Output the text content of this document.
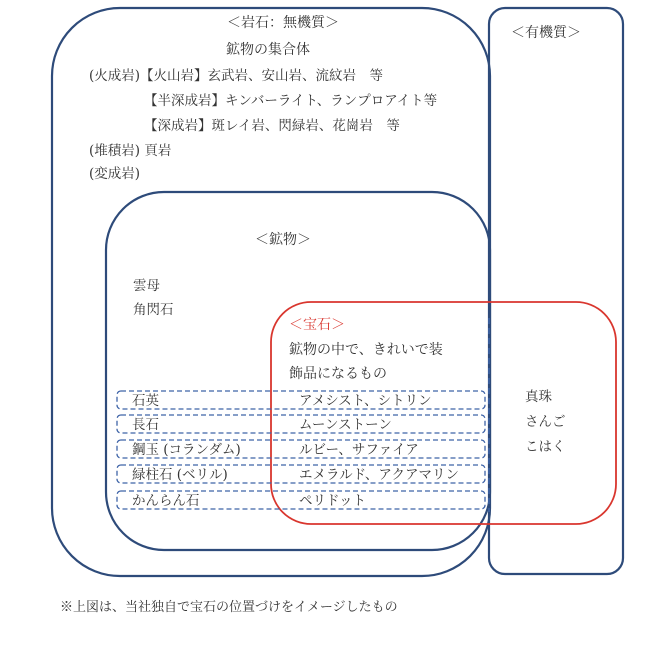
＜岩石：無機質＞
鉱物の集合体
(火成岩)【火山岩】玄武岩、安山岩、流紋岩　等
【半深成岩】キンバーライト、ランプロアイト等
【深成岩】斑レイ岩、閃緑岩、花崗岩　等
(堆積岩) 頁岩
(変成岩)
＜有機質＞
真珠
さんご
こはく
＜鉱物＞
雲母
角閃石
＜宝石＞
鉱物の中で、きれいで装
飾品になるもの
石英	アメシスト、シトリン
長石	ムーンストーン
鋼玉 (コランダム)	ルビー、サファイア
緑柱石 (ベリル)	エメラルド、アクアマリン
かんらん石	ペリドット
※上図は、当社独自で宝石の位置づけをイメージしたもの
